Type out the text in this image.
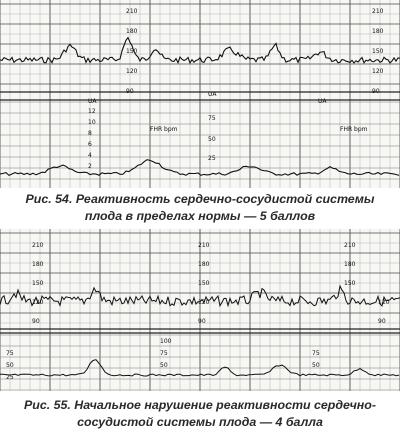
210
180
150
120
90
210
180
150
120
90
UA
12
10
8
6
4
2
UA
UA
FHR bpm	FHR bpm
75
50
25
Рис. 54. Реактивность сердечно-сосудистой системы
плода в пределах нормы — 5 баллов
210
180
150
120
90
210
180
150
120
90
210
180
150
120
90
75
50
25
100
75
50
75
50
Рис. 55. Начальное нарушение реактивности сердечно-
сосудистой системы плода — 4 балла
